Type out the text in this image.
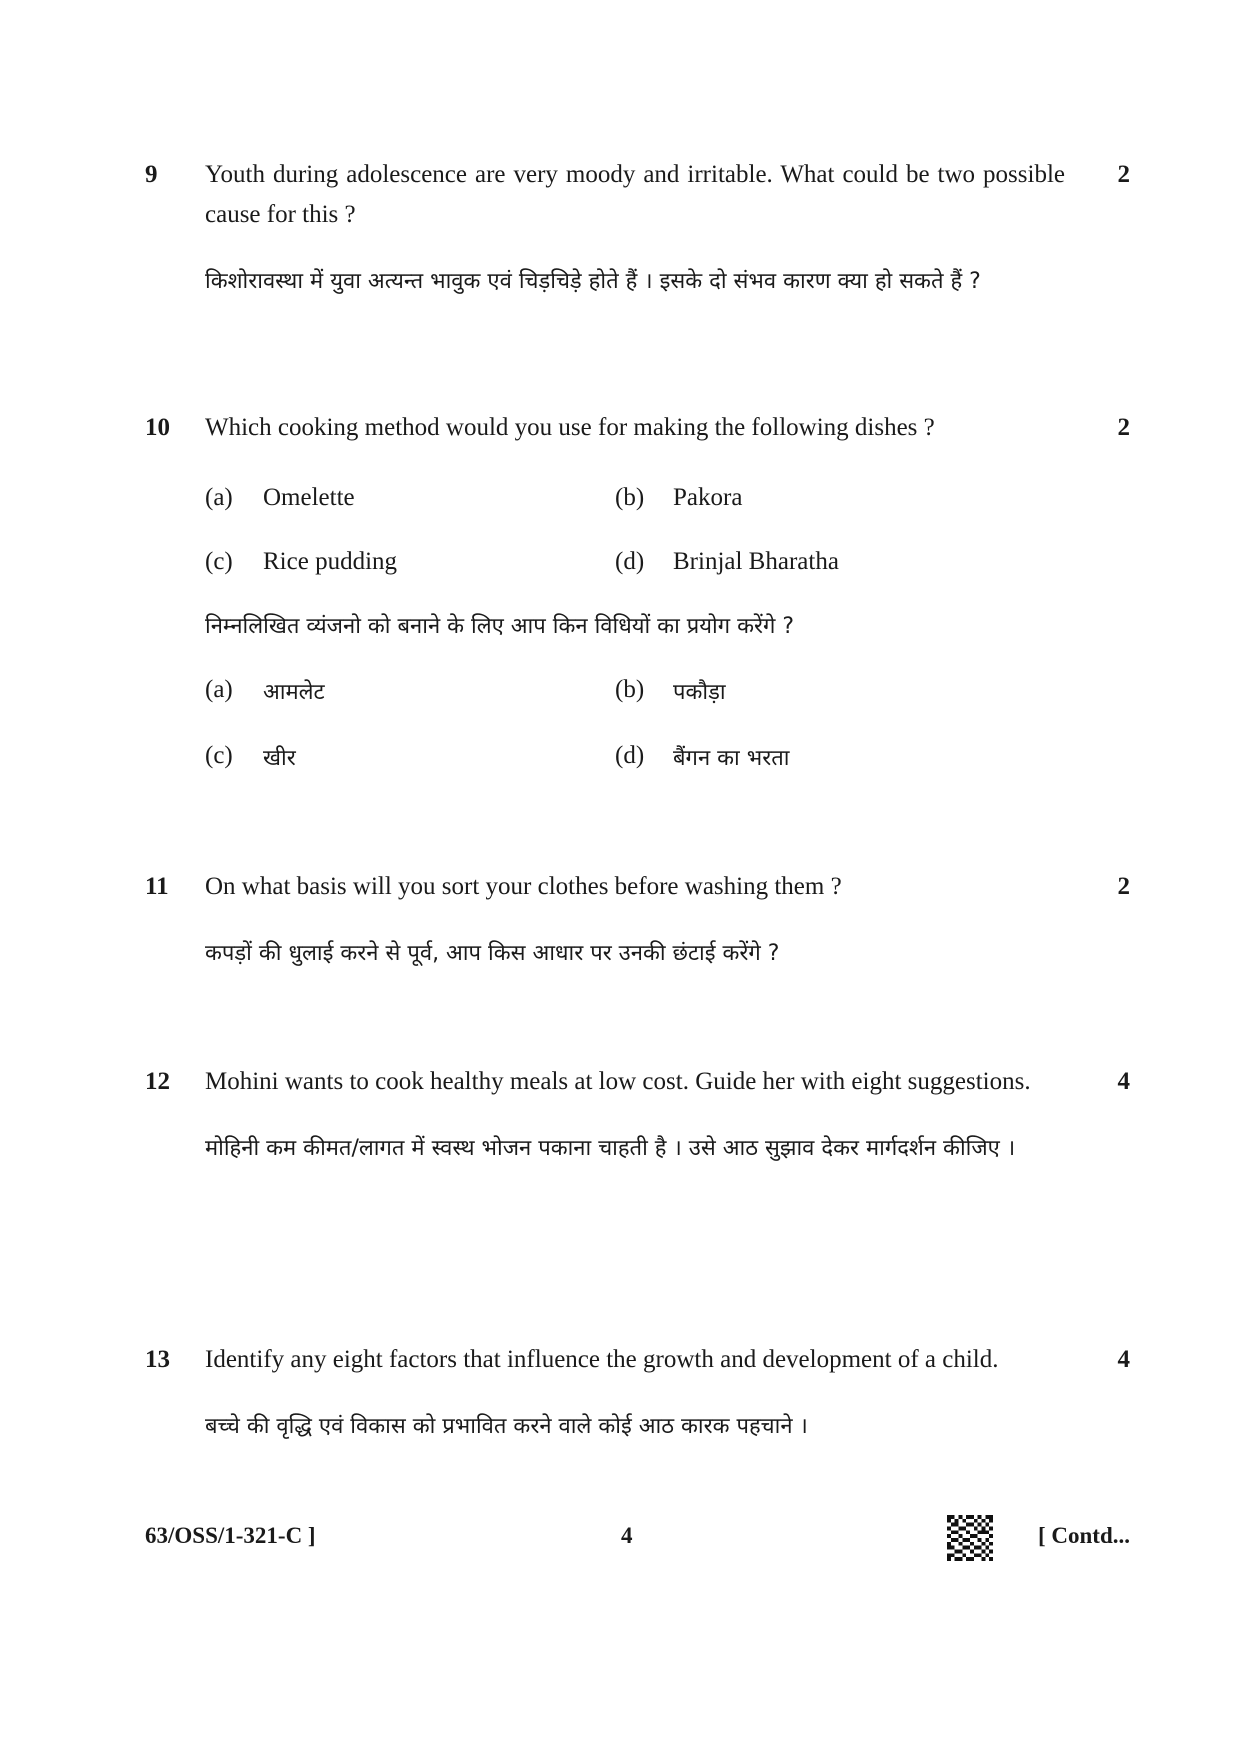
9	2
Youth during adolescence are very moody and irritable. What could be two possible cause for this ?
किशोरावस्था में युवा अत्यन्त भावुक एवं चिड़चिड़े होते हैं । इसके दो संभव कारण क्या हो सकते हैं ?
10	2
Which cooking method would you use for making the following dishes ?
(a)	Omelette	(b)	Pakora
(c)	Rice pudding	(d)	Brinjal Bharatha
निम्नलिखित व्यंजनो को बनाने के लिए आप किन विधियों का प्रयोग करेंगे ?
(a)	आमलेट	(b)	पकौड़ा
(c)	खीर	(d)	बैंगन का भरता
11	2
On what basis will you sort your clothes before washing them ?
कपड़ों की धुलाई करने से पूर्व, आप किस आधार पर उनकी छंटाई करेंगे ?
12	4
Mohini wants to cook healthy meals at low cost. Guide her with eight suggestions.
मोहिनी कम कीमत/लागत में स्वस्थ भोजन पकाना चाहती है । उसे आठ सुझाव देकर मार्गदर्शन कीजिए ।
13	4
Identify any eight factors that influence the growth and development of a child.
बच्चे की वृद्धि एवं विकास को प्रभावित करने वाले कोई आठ कारक पहचाने ।
63/OSS/1-321-C ]	4	[ Contd...
